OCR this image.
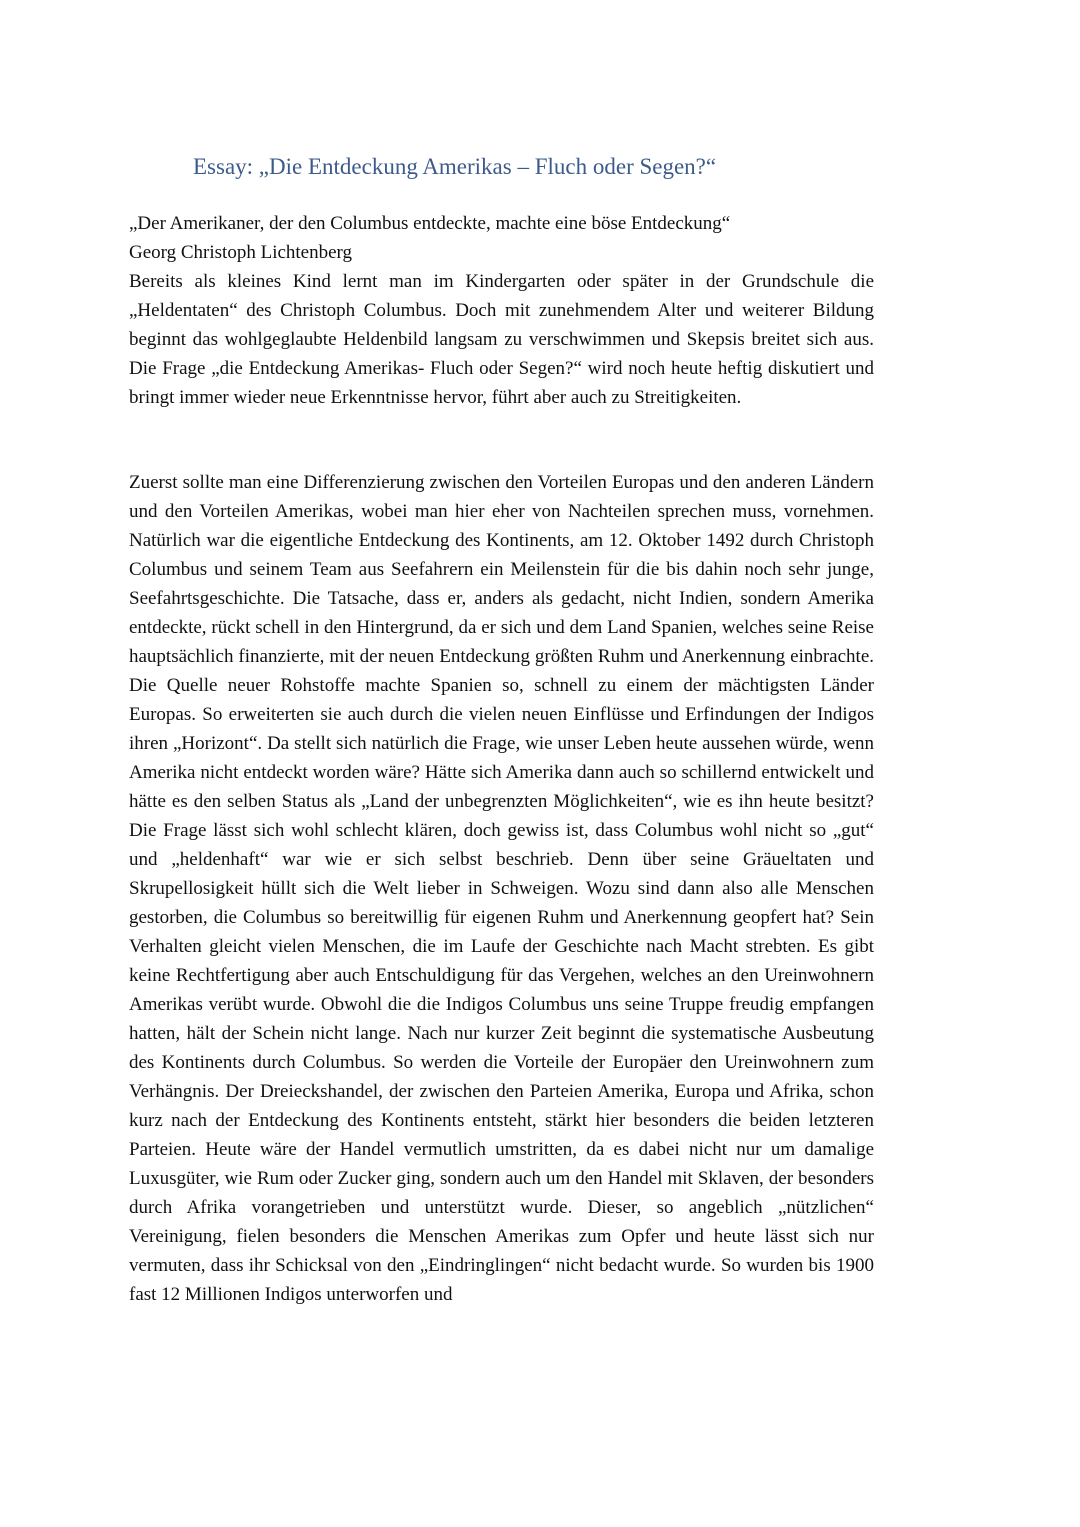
Essay: „Die Entdeckung Amerikas – Fluch oder Segen?“

„Der Amerikaner, der den Columbus entdeckte, machte eine böse Entdeckung“

Georg Christoph Lichtenberg

Bereits als kleines Kind lernt man im Kindergarten oder später in der Grundschule die „Heldentaten“ des Christoph Columbus. Doch mit zunehmendem Alter und weiterer Bildung beginnt das wohlgeglaubte Heldenbild langsam zu verschwimmen und Skepsis breitet sich aus. Die Frage „die Entdeckung Amerikas- Fluch oder Segen?“ wird noch heute heftig diskutiert und bringt immer wieder neue Erkenntnisse hervor, führt aber auch zu Streitigkeiten.

Zuerst sollte man eine Differenzierung zwischen den Vorteilen Europas und den anderen Ländern und den Vorteilen Amerikas, wobei man hier eher von Nachteilen sprechen muss, vornehmen. Natürlich war die eigentliche Entdeckung des Kontinents, am 12. Oktober 1492 durch Christoph Columbus und seinem Team aus Seefahrern ein Meilenstein für die bis dahin noch sehr junge, Seefahrtsgeschichte. Die Tatsache, dass er, anders als gedacht, nicht Indien, sondern Amerika entdeckte, rückt schell in den Hintergrund, da er sich und dem Land Spanien, welches seine Reise hauptsächlich finanzierte, mit der neuen Entdeckung größten Ruhm und Anerkennung einbrachte. Die Quelle neuer Rohstoffe machte Spanien so, schnell zu einem der mächtigsten Länder Europas. So erweiterten sie auch durch die vielen neuen Einflüsse und Erfindungen der Indigos ihren „Horizont“. Da stellt sich natürlich die Frage, wie unser Leben heute aussehen würde, wenn Amerika nicht entdeckt worden wäre? Hätte sich Amerika dann auch so schillernd entwickelt und hätte es den selben Status als „Land der unbegrenzten Möglichkeiten“, wie es ihn heute besitzt? Die Frage lässt sich wohl schlecht klären, doch gewiss ist, dass Columbus wohl nicht so „gut“ und „heldenhaft“ war wie er sich selbst beschrieb. Denn über seine Gräueltaten und Skrupellosigkeit hüllt sich die Welt lieber in Schweigen. Wozu sind dann also alle Menschen gestorben, die Columbus so bereitwillig für eigenen Ruhm und Anerkennung geopfert hat? Sein Verhalten gleicht vielen Menschen, die im Laufe der Geschichte nach Macht strebten. Es gibt keine Rechtfertigung aber auch Entschuldigung für das Vergehen, welches an den Ureinwohnern Amerikas verübt wurde. Obwohl die die Indigos Columbus uns seine Truppe freudig empfangen hatten, hält der Schein nicht lange. Nach nur kurzer Zeit beginnt die systematische Ausbeutung des Kontinents durch Columbus. So werden die Vorteile der Europäer den Ureinwohnern zum Verhängnis. Der Dreieckshandel, der zwischen den Parteien Amerika, Europa und Afrika, schon kurz nach der Entdeckung des Kontinents entsteht, stärkt hier besonders die beiden letzteren Parteien. Heute wäre der Handel vermutlich umstritten, da es dabei nicht nur um damalige Luxusgüter, wie Rum oder Zucker ging, sondern auch um den Handel mit Sklaven, der besonders durch Afrika vorangetrieben und unterstützt wurde. Dieser, so angeblich „nützlichen“ Vereinigung, fielen besonders die Menschen Amerikas zum Opfer und heute lässt sich nur vermuten, dass ihr Schicksal von den „Eindringlingen“ nicht bedacht wurde. So wurden bis 1900 fast 12 Millionen Indigos unterworfen und
